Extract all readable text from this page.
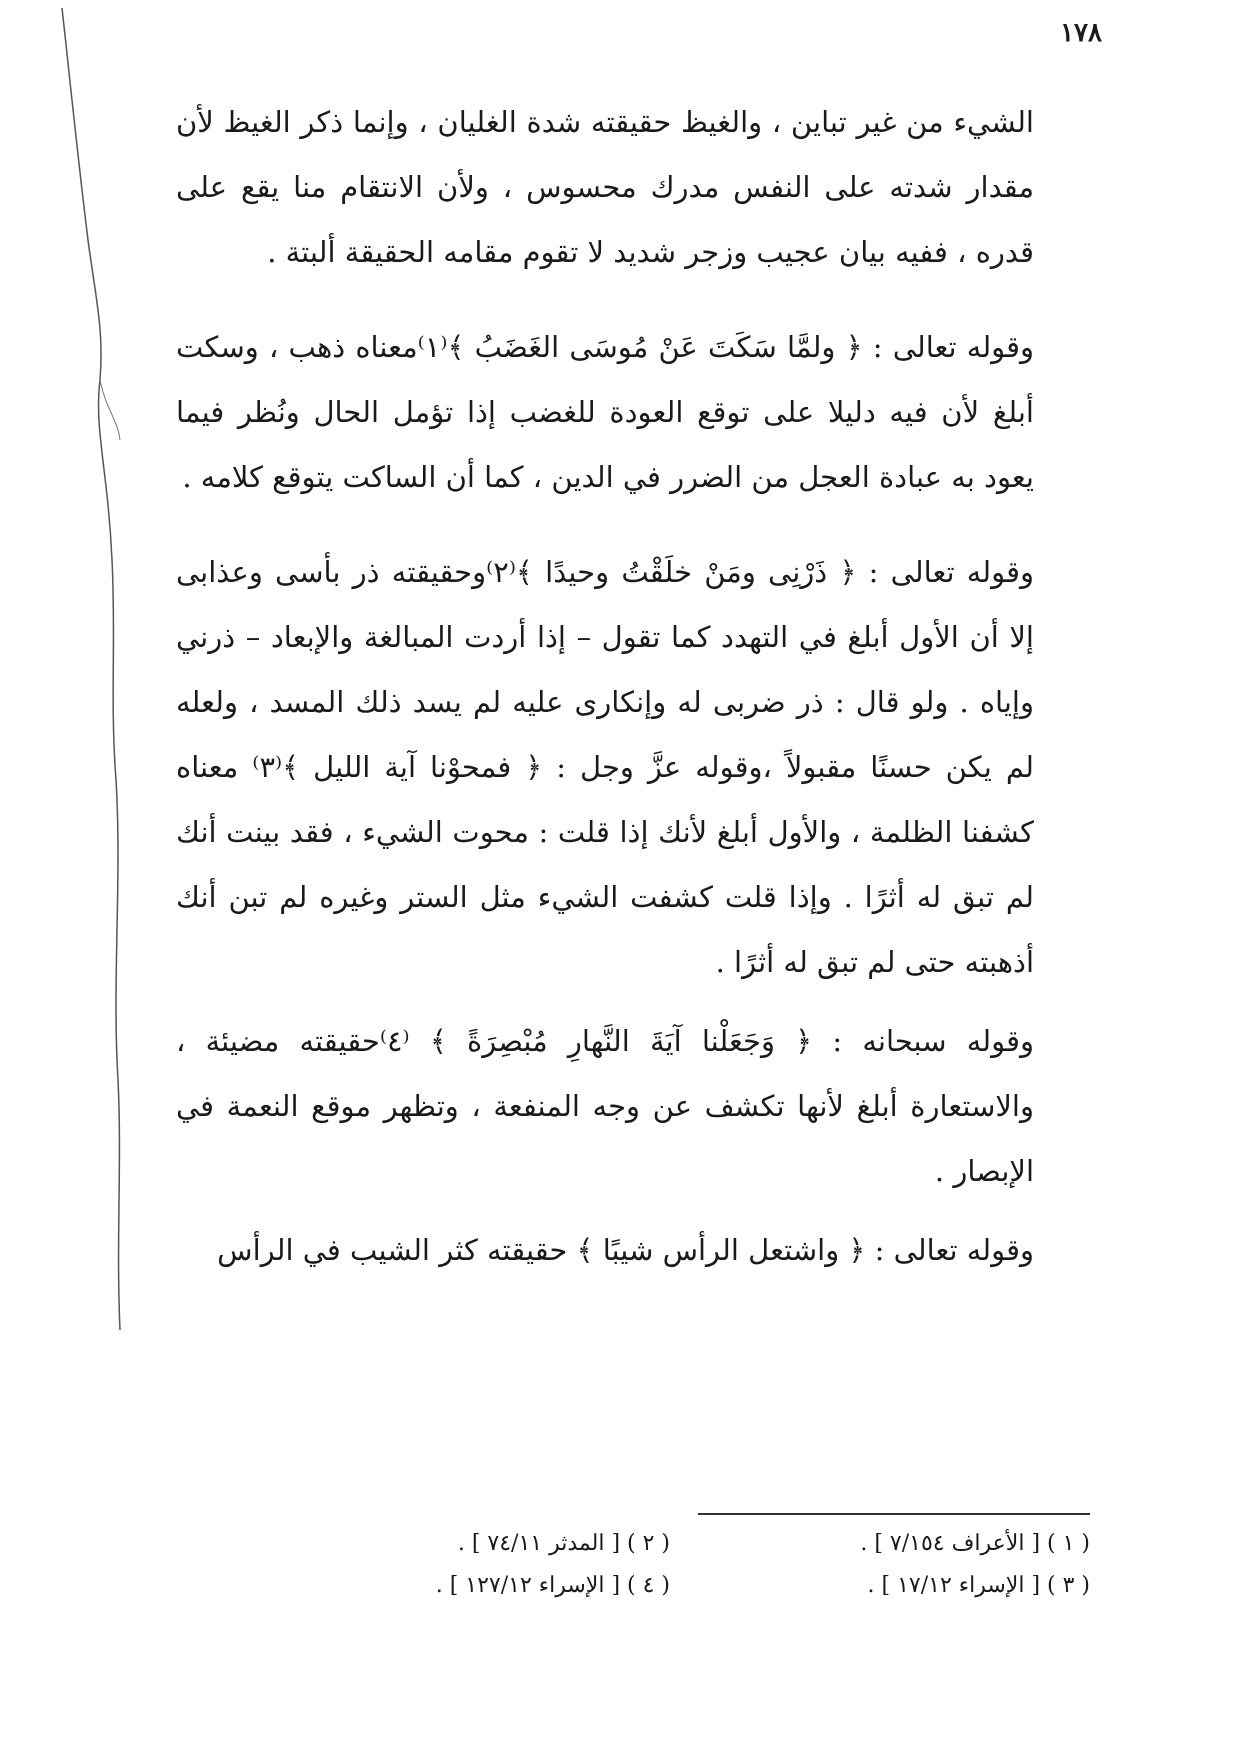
١٧٨

الشيء من غير تباين ، والغيظ حقيقته شدة الغليان ، وإنما ذكر الغيظ لأن مقدار شدته على النفس مدرك محسوس ، ولأن الانتقام منا يقع على قدره ، ففيه بيان عجيب وزجر شديد لا تقوم مقامه الحقيقة ألبتة .

وقوله تعالى : ﴿ ولمَّا سَكَتَ عَنْ مُوسَى الغَضَبُ ﴾⁽١⁾معناه ذهب ، وسكت أبلغ لأن فيه دليلا على توقع العودة للغضب إذا تؤمل الحال ونُظر فيما يعود به عبادة العجل من الضرر في الدين ، كما أن الساكت يتوقع كلامه .

وقوله تعالى : ﴿ ذَرْنِى ومَنْ خلَقْتُ وحيدًا ﴾⁽٢⁾وحقيقته ذر بأسى وعذابى إلا أن الأول أبلغ في التهدد كما تقول – إذا أردت المبالغة والإبعاد – ذرني وإياه . ولو قال : ذر ضربى له وإنكارى عليه لم يسد ذلك المسد ، ولعله لم يكن حسنًا مقبولاً ،وقوله عزَّ وجل : ﴿ فمحوْنا آية الليل ﴾⁽٣⁾ معناه كشفنا الظلمة ، والأول أبلغ لأنك إذا قلت : محوت الشيء ، فقد بينت أنك لم تبق له أثرًا . وإذا قلت كشفت الشيء مثل الستر وغيره لم تبن أنك أذهبته حتى لم تبق له أثرًا .

وقوله سبحانه : ﴿ وَجَعَلْنا آيَةَ النَّهارِ مُبْصِرَةً ﴾ ⁽٤⁾حقيقته مضيئة ، والاستعارة أبلغ لأنها تكشف عن وجه المنفعة ، وتظهر موقع النعمة في الإبصار .

وقوله تعالى : ﴿ واشتعل الرأس شيبًا ﴾ حقيقته كثر الشيب في الرأس

( ١ ) [ الأعراف ٧/١٥٤ ] .
( ٢ ) [ المدثر ٧٤/١١ ] .
( ٣ ) [ الإسراء ١٧/١٢ ] .
( ٤ ) [ الإسراء ١٢٧/١٢ ] .
